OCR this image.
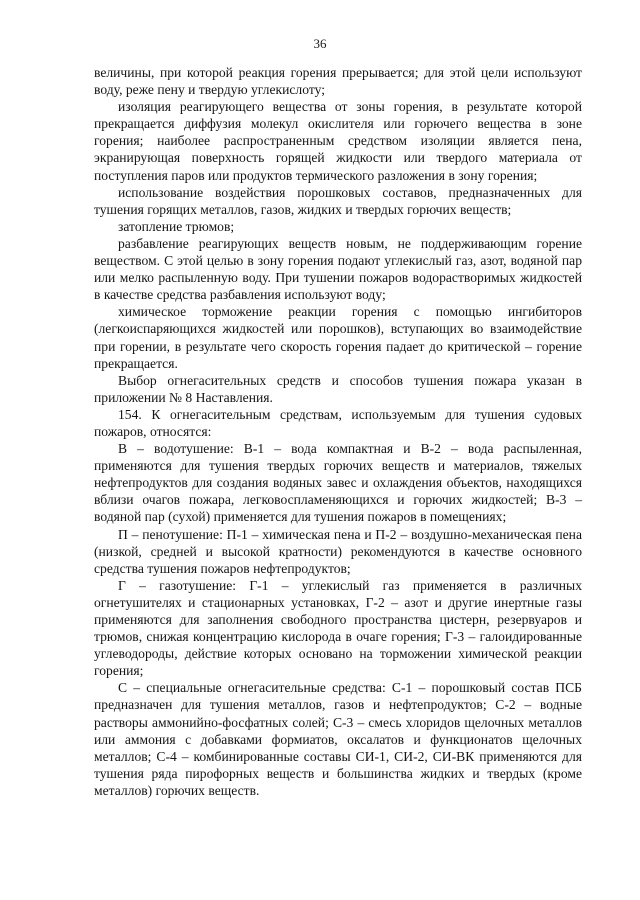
36

величины, при которой реакция горения прерывается; для этой цели используют воду, реже пену и твердую углекислоту;

изоляция реагирующего вещества от зоны горения, в результате которой прекращается диффузия молекул окислителя или горючего вещества в зоне горения; наиболее распространенным средством изоляции является пена, экранирующая поверхность горящей жидкости или твердого материала от поступления паров или продуктов термического разложения в зону горения;

использование воздействия порошковых составов, предназначенных для тушения горящих металлов, газов, жидких и твердых горючих веществ;

затопление трюмов;

разбавление реагирующих веществ новым, не поддерживающим горение веществом. С этой целью в зону горения подают углекислый газ, азот, водяной пар или мелко распыленную воду. При тушении пожаров водорастворимых жидкостей в качестве средства разбавления используют воду;

химическое торможение реакции горения с помощью ингибиторов (легкоиспаряющихся жидкостей или порошков), вступающих во взаимодействие при горении, в результате чего скорость горения падает до критической – горение прекращается.

Выбор огнегасительных средств и способов тушения пожара указан в приложении № 8 Наставления.

154. К огнегасительным средствам, используемым для тушения судовых пожаров, относятся:

В – водотушение: В-1 – вода компактная и В-2 – вода распыленная, применяются для тушения твердых горючих веществ и материалов, тяжелых нефтепродуктов для создания водяных завес и охлаждения объектов, находящихся вблизи очагов пожара, легковоспламеняющихся и горючих жидкостей; В-3 – водяной пар (сухой) применяется для тушения пожаров в помещениях;

П – пенотушение: П-1 – химическая пена и П-2 – воздушно-механическая пена (низкой, средней и высокой кратности) рекомендуются в качестве основного средства тушения пожаров нефтепродуктов;

Г – газотушение: Г-1 – углекислый газ применяется в различных огнетушителях и стационарных установках, Г-2 – азот и другие инертные газы применяются для заполнения свободного пространства цистерн, резервуаров и трюмов, снижая концентрацию кислорода в очаге горения; Г-3 – галоидированные углеводороды, действие которых основано на торможении химической реакции горения;

С – специальные огнегасительные средства: С-1 – порошковый состав ПСБ предназначен для тушения металлов, газов и нефтепродуктов; С-2 – водные растворы аммонийно-фосфатных солей; С-3 – смесь хлоридов щелочных металлов или аммония с добавками формиатов, оксалатов и функционатов щелочных металлов; С-4 – комбинированные составы СИ-1, СИ-2, СИ-ВК применяются для тушения ряда пирофорных веществ и большинства жидких и твердых (кроме металлов) горючих веществ.
